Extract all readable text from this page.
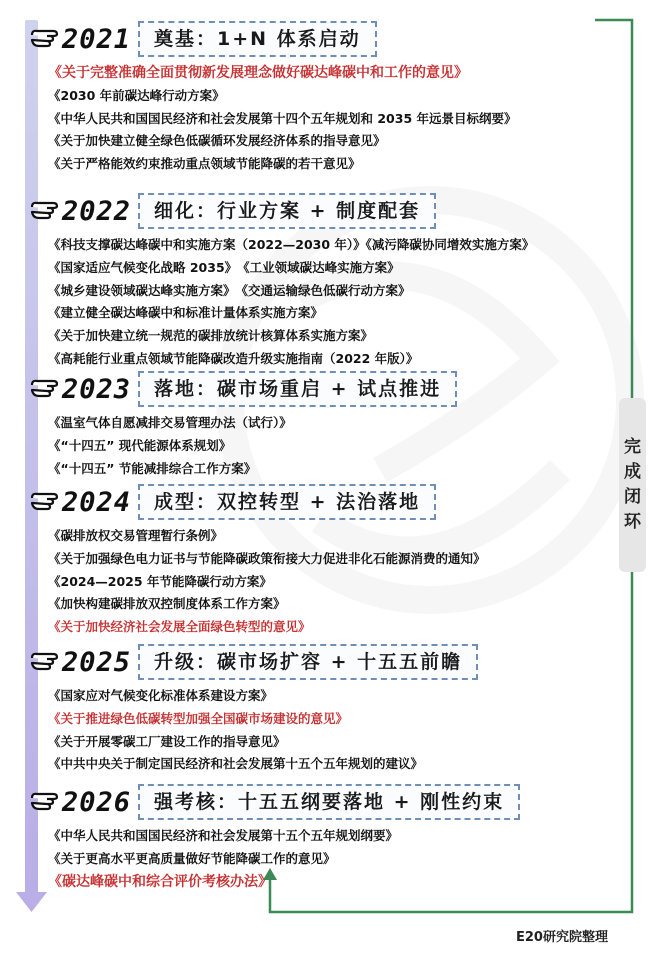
2021	奠基：1+N 体系启动
《关于完整准确全面贯彻新发展理念做好碳达峰碳中和工作的意见》
《2030 年前碳达峰行动方案》
《中华人民共和国国民经济和社会发展第十四个五年规划和 2035 年远景目标纲要》
《关于加快建立健全绿色低碳循环发展经济体系的指导意见》
《关于严格能效约束推动重点领域节能降碳的若干意见》
2022	细化：行业方案 + 制度配套
《科技支撑碳达峰碳中和实施方案（2022—2030 年）》《减污降碳协同增效实施方案》
《国家适应气候变化战略 2035》　《工业领域碳达峰实施方案》
《城乡建设领域碳达峰实施方案》　《交通运输绿色低碳行动方案》
《建立健全碳达峰碳中和标准计量体系实施方案》
《关于加快建立统一规范的碳排放统计核算体系实施方案》
《高耗能行业重点领域节能降碳改造升级实施指南（2022 年版）》
2023	落地：碳市场重启 + 试点推进
《温室气体自愿减排交易管理办法（试行）》
《“十四五” 现代能源体系规划》
《“十四五” 节能减排综合工作方案》
2024	成型：双控转型 + 法治落地
《碳排放权交易管理暂行条例》
《关于加强绿色电力证书与节能降碳政策衔接大力促进非化石能源消费的通知》
《2024—2025 年节能降碳行动方案》
《加快构建碳排放双控制度体系工作方案》
《关于加快经济社会发展全面绿色转型的意见》
2025	升级：碳市场扩容 + 十五五前瞻
《国家应对气候变化标准体系建设方案》
《关于推进绿色低碳转型加强全国碳市场建设的意见》
《关于开展零碳工厂建设工作的指导意见》
《中共中央关于制定国民经济和社会发展第十五个五年规划的建议》
2026	强考核：十五五纲要落地 + 刚性约束
《中华人民共和国国民经济和社会发展第十五个五年规划纲要》
《关于更高水平更高质量做好节能降碳工作的意见》
《碳达峰碳中和综合评价考核办法》
完
成
闭
环
E20研究院整理
